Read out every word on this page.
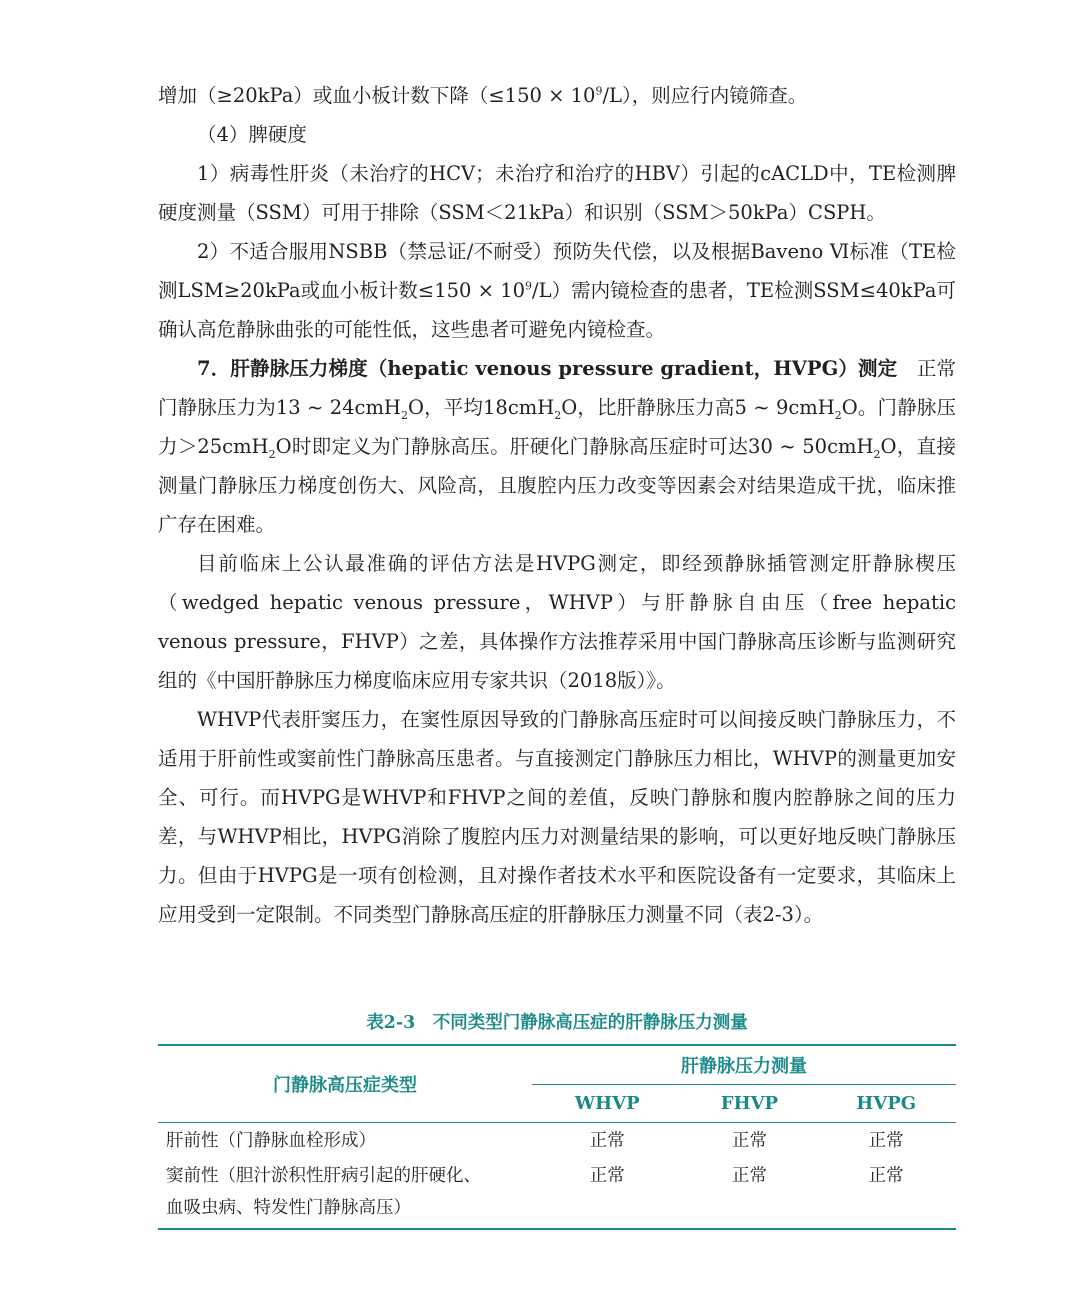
增加（≥20kPa）或血小板计数下降$(\le 150 \times 10^9/L)$，则应行内镜筛查。

（4）脾硬度

1）病毒性肝炎（未治疗的HCV；未治疗和治疗的HBV）引起的cACLD中，TE检测脾硬度测量（SSM）可用于排除（SSM＜21kPa）和识别（SSM＞50kPa）CSPH。

2）不适合服用NSBB（禁忌证/不耐受）预防失代偿，以及根据Baveno Ⅵ标准（TE检测LSM≥20kPa或血小板计数$\le 150 \times 10^9/L$）需内镜检查的患者，TE检测SSM≤40kPa可确认高危静脉曲张的可能性低，这些患者可避免内镜检查。

7．肝静脉压力梯度（hepatic venous pressure gradient，HVPG）测定　正常门静脉压力为13 ~ 24cmH$_2$O，平均18cmH$_2$O，比肝静脉压力高5 ~ 9cmH$_2$O。门静脉压力＞25cmH$_2$O时即定义为门静脉高压。肝硬化门静脉高压症时可达30 ~ 50cmH$_2$O，直接测量门静脉压力梯度创伤大、风险高，且腹腔内压力改变等因素会对结果造成干扰，临床推广存在困难。

目前临床上公认最准确的评估方法是HVPG测定，即经颈静脉插管测定肝静脉楔压（wedged hepatic venous pressure，WHVP）与肝静脉自由压（free hepatic venous pressure，FHVP）之差，具体操作方法推荐采用中国门静脉高压诊断与监测研究组的《中国肝静脉压力梯度临床应用专家共识（2018版）》。

WHVP代表肝窦压力，在窦性原因导致的门静脉高压症时可以间接反映门静脉压力，不适用于肝前性或窦前性门静脉高压患者。与直接测定门静脉压力相比，WHVP的测量更加安全、可行。而HVPG是WHVP和FHVP之间的差值，反映门静脉和腹内腔静脉之间的压力差，与WHVP相比，HVPG消除了腹腔内压力对测量结果的影响，可以更好地反映门静脉压力。但由于HVPG是一项有创检测，且对操作者技术水平和医院设备有一定要求，其临床上应用受到一定限制。不同类型门静脉高压症的肝静脉压力测量不同（表2-3）。

表2-3　不同类型门静脉高压症的肝静脉压力测量
门静脉高压症类型	肝静脉压力测量		
	WHVP	FHVP	HVPG
肝前性（门静脉血栓形成）	正常	正常	正常
窦前性（胆汁淤积性肝病引起的肝硬化、
血吸虫病、特发性门静脉高压）	正常	正常	正常
